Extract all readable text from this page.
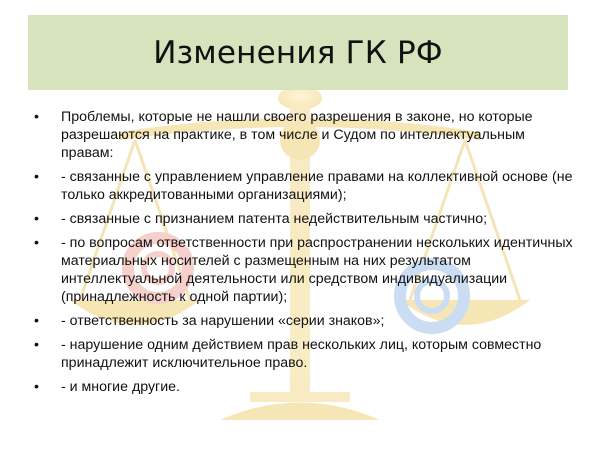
Изменения ГК РФ
•	Проблемы, которые не нашли своего разрешения в законе, но которые разрешаются на практике, в том числе и Судом по интеллектуальным правам:
•	- связанные с управлением управление правами на коллективной основе (не только аккредитованными организациями);
•	- связанные с признанием патента недействительным частично;
•	- по вопросам ответственности при распространении нескольких идентичных материальных носителей с размещенным на них результатом интеллектуальной деятельности или средством индивидуализации (принадлежность к одной партии);
•	- ответственность за нарушении «серии знаков»;
•	- нарушение одним действием прав нескольких лиц, которым совместно принадлежит исключительное право.
•	- и многие другие.
